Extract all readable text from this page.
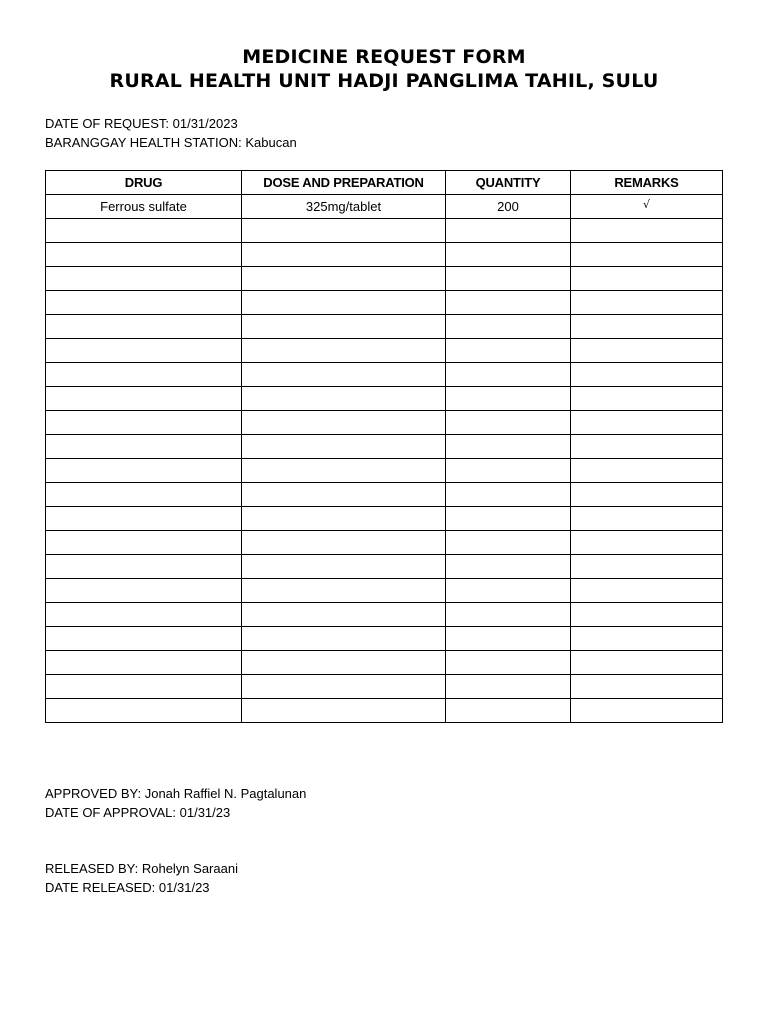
MEDICINE REQUEST FORM
RURAL HEALTH UNIT HADJI PANGLIMA TAHIL, SULU
DATE OF REQUEST: 01/31/2023
BARANGGAY HEALTH STATION: Kabucan
DRUG	DOSE AND PREPARATION	QUANTITY	REMARKS
Ferrous sulfate	325mg/tablet	200	√

APPROVED BY: Jonah Raffiel N. Pagtalunan
DATE OF APPROVAL: 01/31/23
RELEASED BY: Rohelyn Saraani
DATE RELEASED: 01/31/23
